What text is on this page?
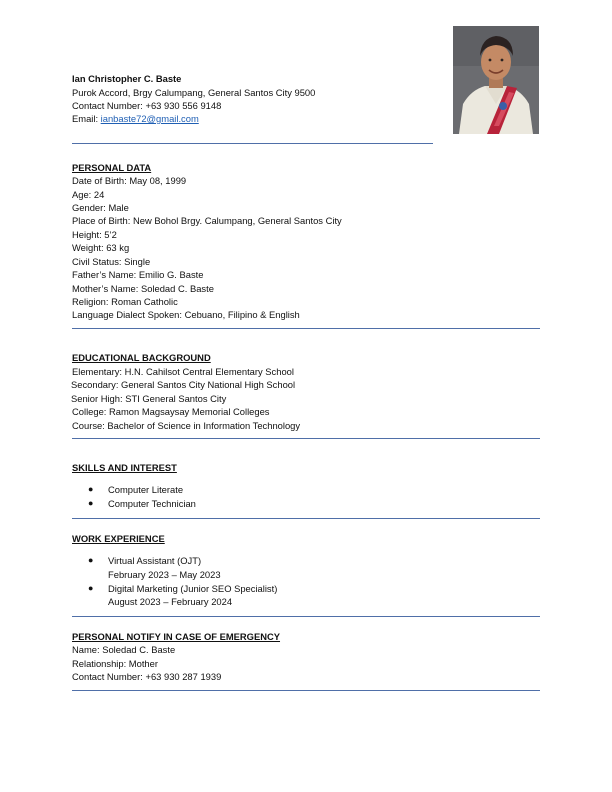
Ian Christopher C. Baste
Purok Accord, Brgy Calumpang, General Santos City 9500
Contact Number: +63 930 556 9148
Email: ianbaste72@gmail.com
PERSONAL DATA
Date of Birth: May 08, 1999
Age: 24
Gender: Male
Place of Birth: New Bohol Brgy. Calumpang, General Santos City
Height: 5’2
Weight: 63 kg
Civil Status: Single
Father’s Name: Emilio G. Baste
Mother’s Name: Soledad C. Baste
Religion: Roman Catholic
Language Dialect Spoken: Cebuano, Filipino & English
EDUCATIONAL BACKGROUND
Elementary: H.N. Cahilsot Central Elementary School
Secondary: General Santos City National High School
Senior High: STI General Santos City
College: Ramon Magsaysay Memorial Colleges
Course: Bachelor of Science in Information Technology
SKILLS AND INTEREST
● Computer Literate
● Computer Technician
WORK EXPERIENCE
● Virtual Assistant (OJT)
February 2023 – May 2023
● Digital Marketing (Junior SEO Specialist)
August 2023 – February 2024
PERSONAL NOTIFY IN CASE OF EMERGENCY
Name: Soledad C. Baste
Relationship: Mother
Contact Number: +63 930 287 1939
